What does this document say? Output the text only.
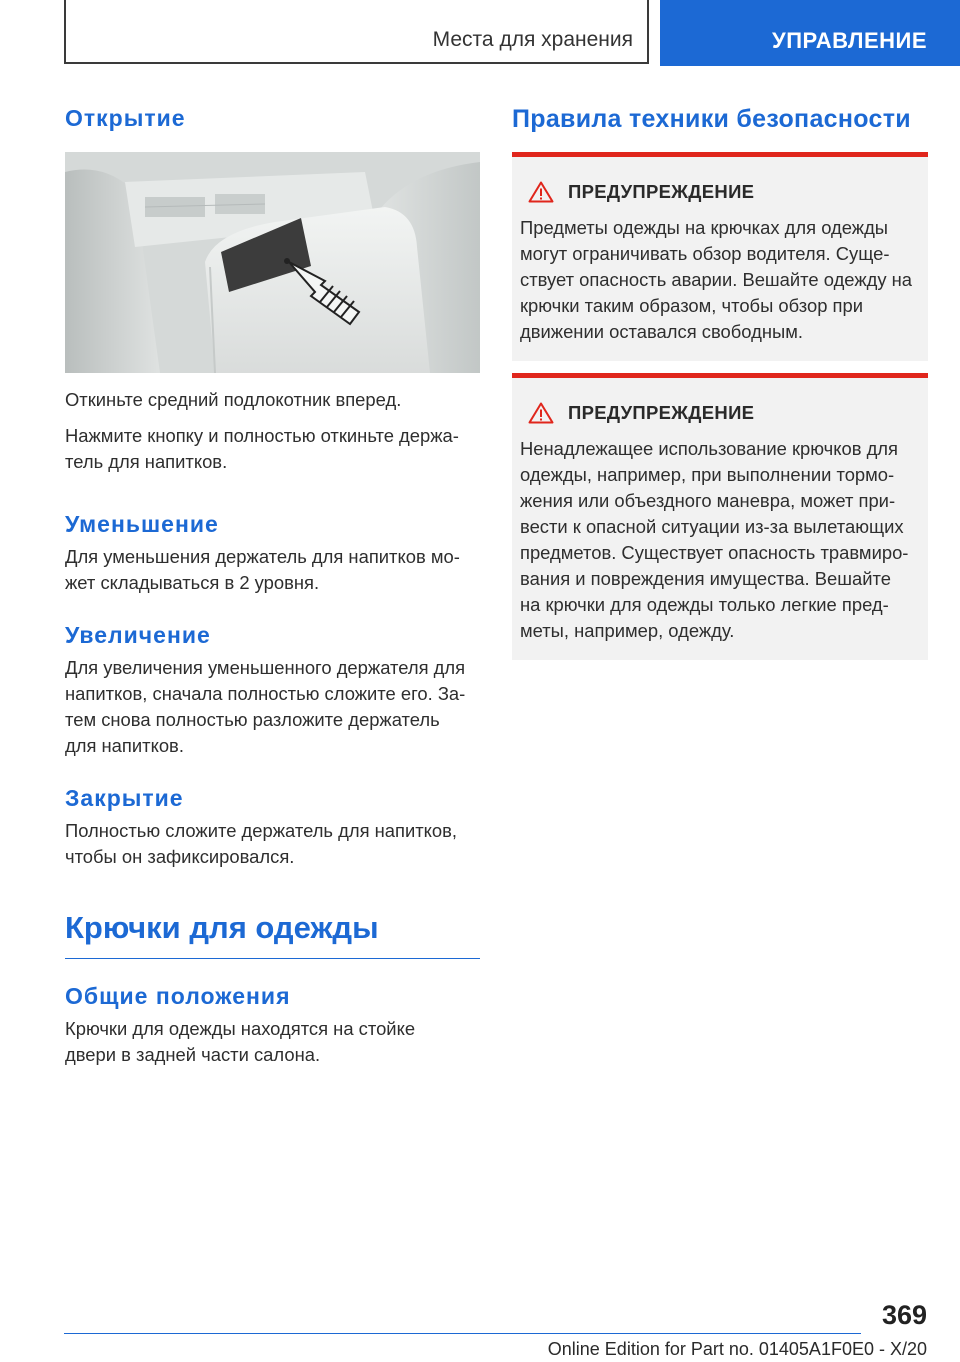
Места для хранения	УПРАВЛЕНИЕ
Открытие

Откиньте средний подлокотник вперед.

Нажмите кнопку и полностью откиньте держа-

тель для напитков.

Уменьшение

Для уменьшения держатель для напитков мо-

жет складываться в 2 уровня.

Увеличение

Для увеличения уменьшенного держателя для

напитков, сначала полностью сложите его. За-

тем снова полностью разложите держатель

для напитков.

Закрытие

Полностью сложите держатель для напитков,

чтобы он зафиксировался.

Крючки для одежды
Общие положения

Крючки для одежды находятся на стойке

двери в задней части салона.

Правила техники безопасности
ПРЕДУПРЕЖДЕНИЕ

Предметы одежды на крючках для одежды

могут ограничивать обзор водителя. Суще-

ствует опасность аварии. Вешайте одежду на

крючки таким образом, чтобы обзор при

движении оставался свободным.

ПРЕДУПРЕЖДЕНИЕ

Ненадлежащее использование крючков для

одежды, например, при выполнении тормо-

жения или объездного маневра, может при-

вести к опасной ситуации из-за вылетающих

предметов. Существует опасность травмиро-

вания и повреждения имущества. Вешайте

на крючки для одежды только легкие пред-

меты, например, одежду.

369
Online Edition for Part no. 01405A1F0E0 - X/20
